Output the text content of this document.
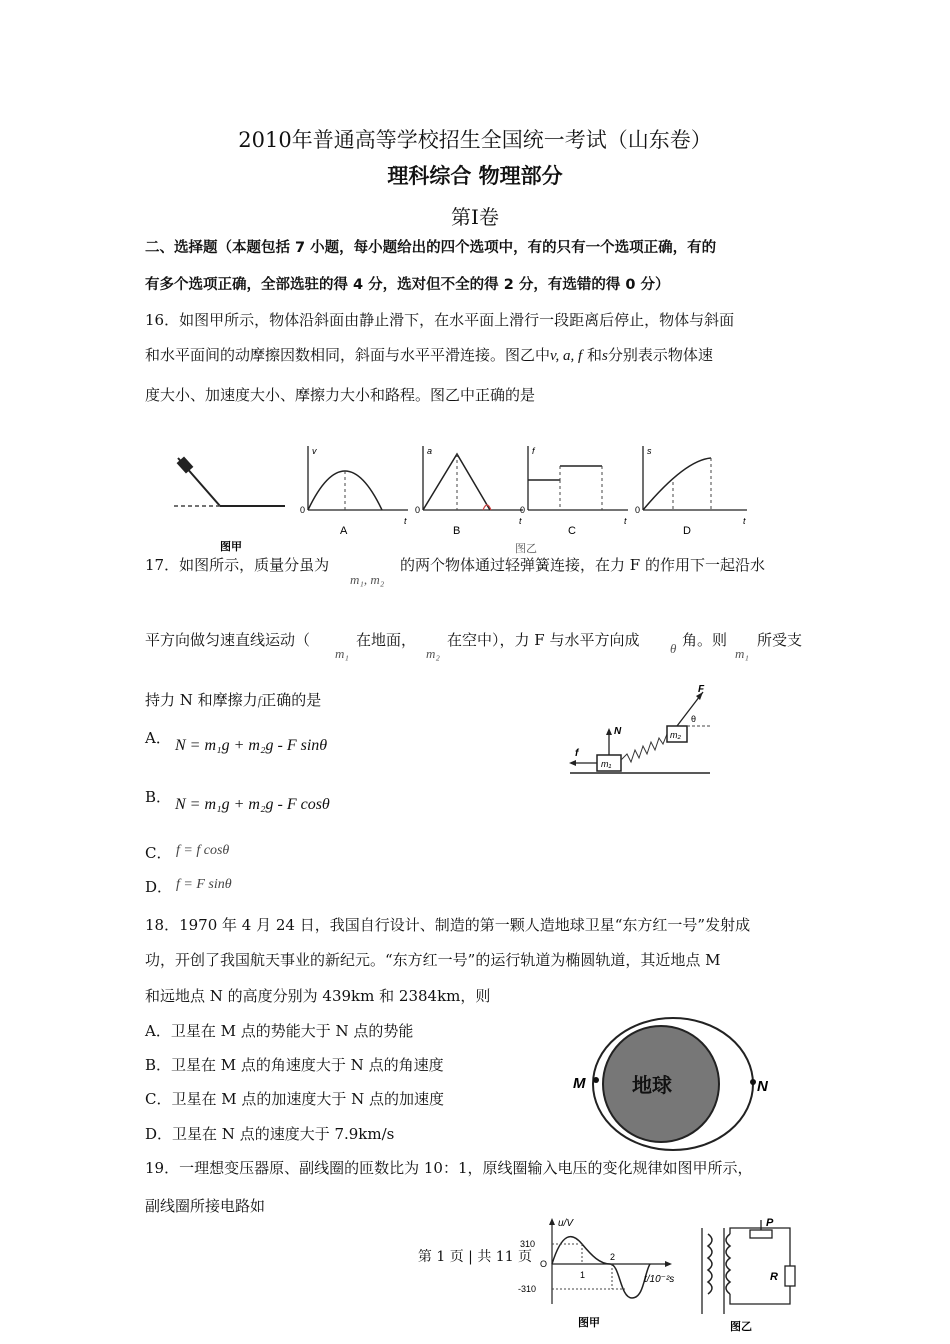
2010年普通高等学校招生全国统一考试（山东卷）
理科综合 物理部分
第Ⅰ卷
二、选择题（本题包括 7 小题，每小题给出的四个选项中，有的只有一个选项正确，有的
有多个选项正确，全部选驻的得 4 分，选对但不全的得 2 分，有选错的得 0 分）
16．如图甲所示，物体沿斜面由静止滑下，在水平面上滑行一段距离后停止，物体与斜面
和水平面间的动摩擦因数相同，斜面与水平平滑连接。图乙中v, a, f 和s分别表示物体速
度大小、加速度大小、摩擦力大小和路程。图乙中正确的是
图甲
v
t
0
A
a
t
0
B
f
t
0
C
图乙
s
t
0
D
17．如图所示，质量分虽为
m₁, m₂
的两个物体通过轻弹簧连接，在力 F 的作用下一起沿水
平方向做匀速直线运动（
m₁
在地面，
m₂
在空中），力 F 与水平方向成 θ 角。则
m₁
所受支
持力 N 和摩擦力f正确的是
A． N = m₁g + m₂g - F sinθ
B． N = m₁g + m₂g - F cosθ
C． f = f cosθ
D． f = F sinθ
m₁
m₂
F
θ
N
f
18．1970 年 4 月 24 日，我国自行设计、制造的第一颗人造地球卫星“东方红一号”发射成
功，开创了我国航天事业的新纪元。“东方红一号”的运行轨道为椭圆轨道，其近地点 M
和远地点 N 的高度分别为 439km 和 2384km，则
A．卫星在 M 点的势能大于 N 点的势能
B．卫星在 M 点的角速度大于 N 点的角速度
C．卫星在 M 点的加速度大于 N 点的加速度
D．卫星在 N 点的速度大于 7.9km/s
地球
M	N
19．一理想变压器原、副线圈的匝数比为 10：1，原线圈输入电压的变化规律如图甲所示，
副线圈所接电路如
u/V
310
-310
O
1
2
t/10⁻²s
图甲
P
R
图乙
第 1 页 | 共 11 页
